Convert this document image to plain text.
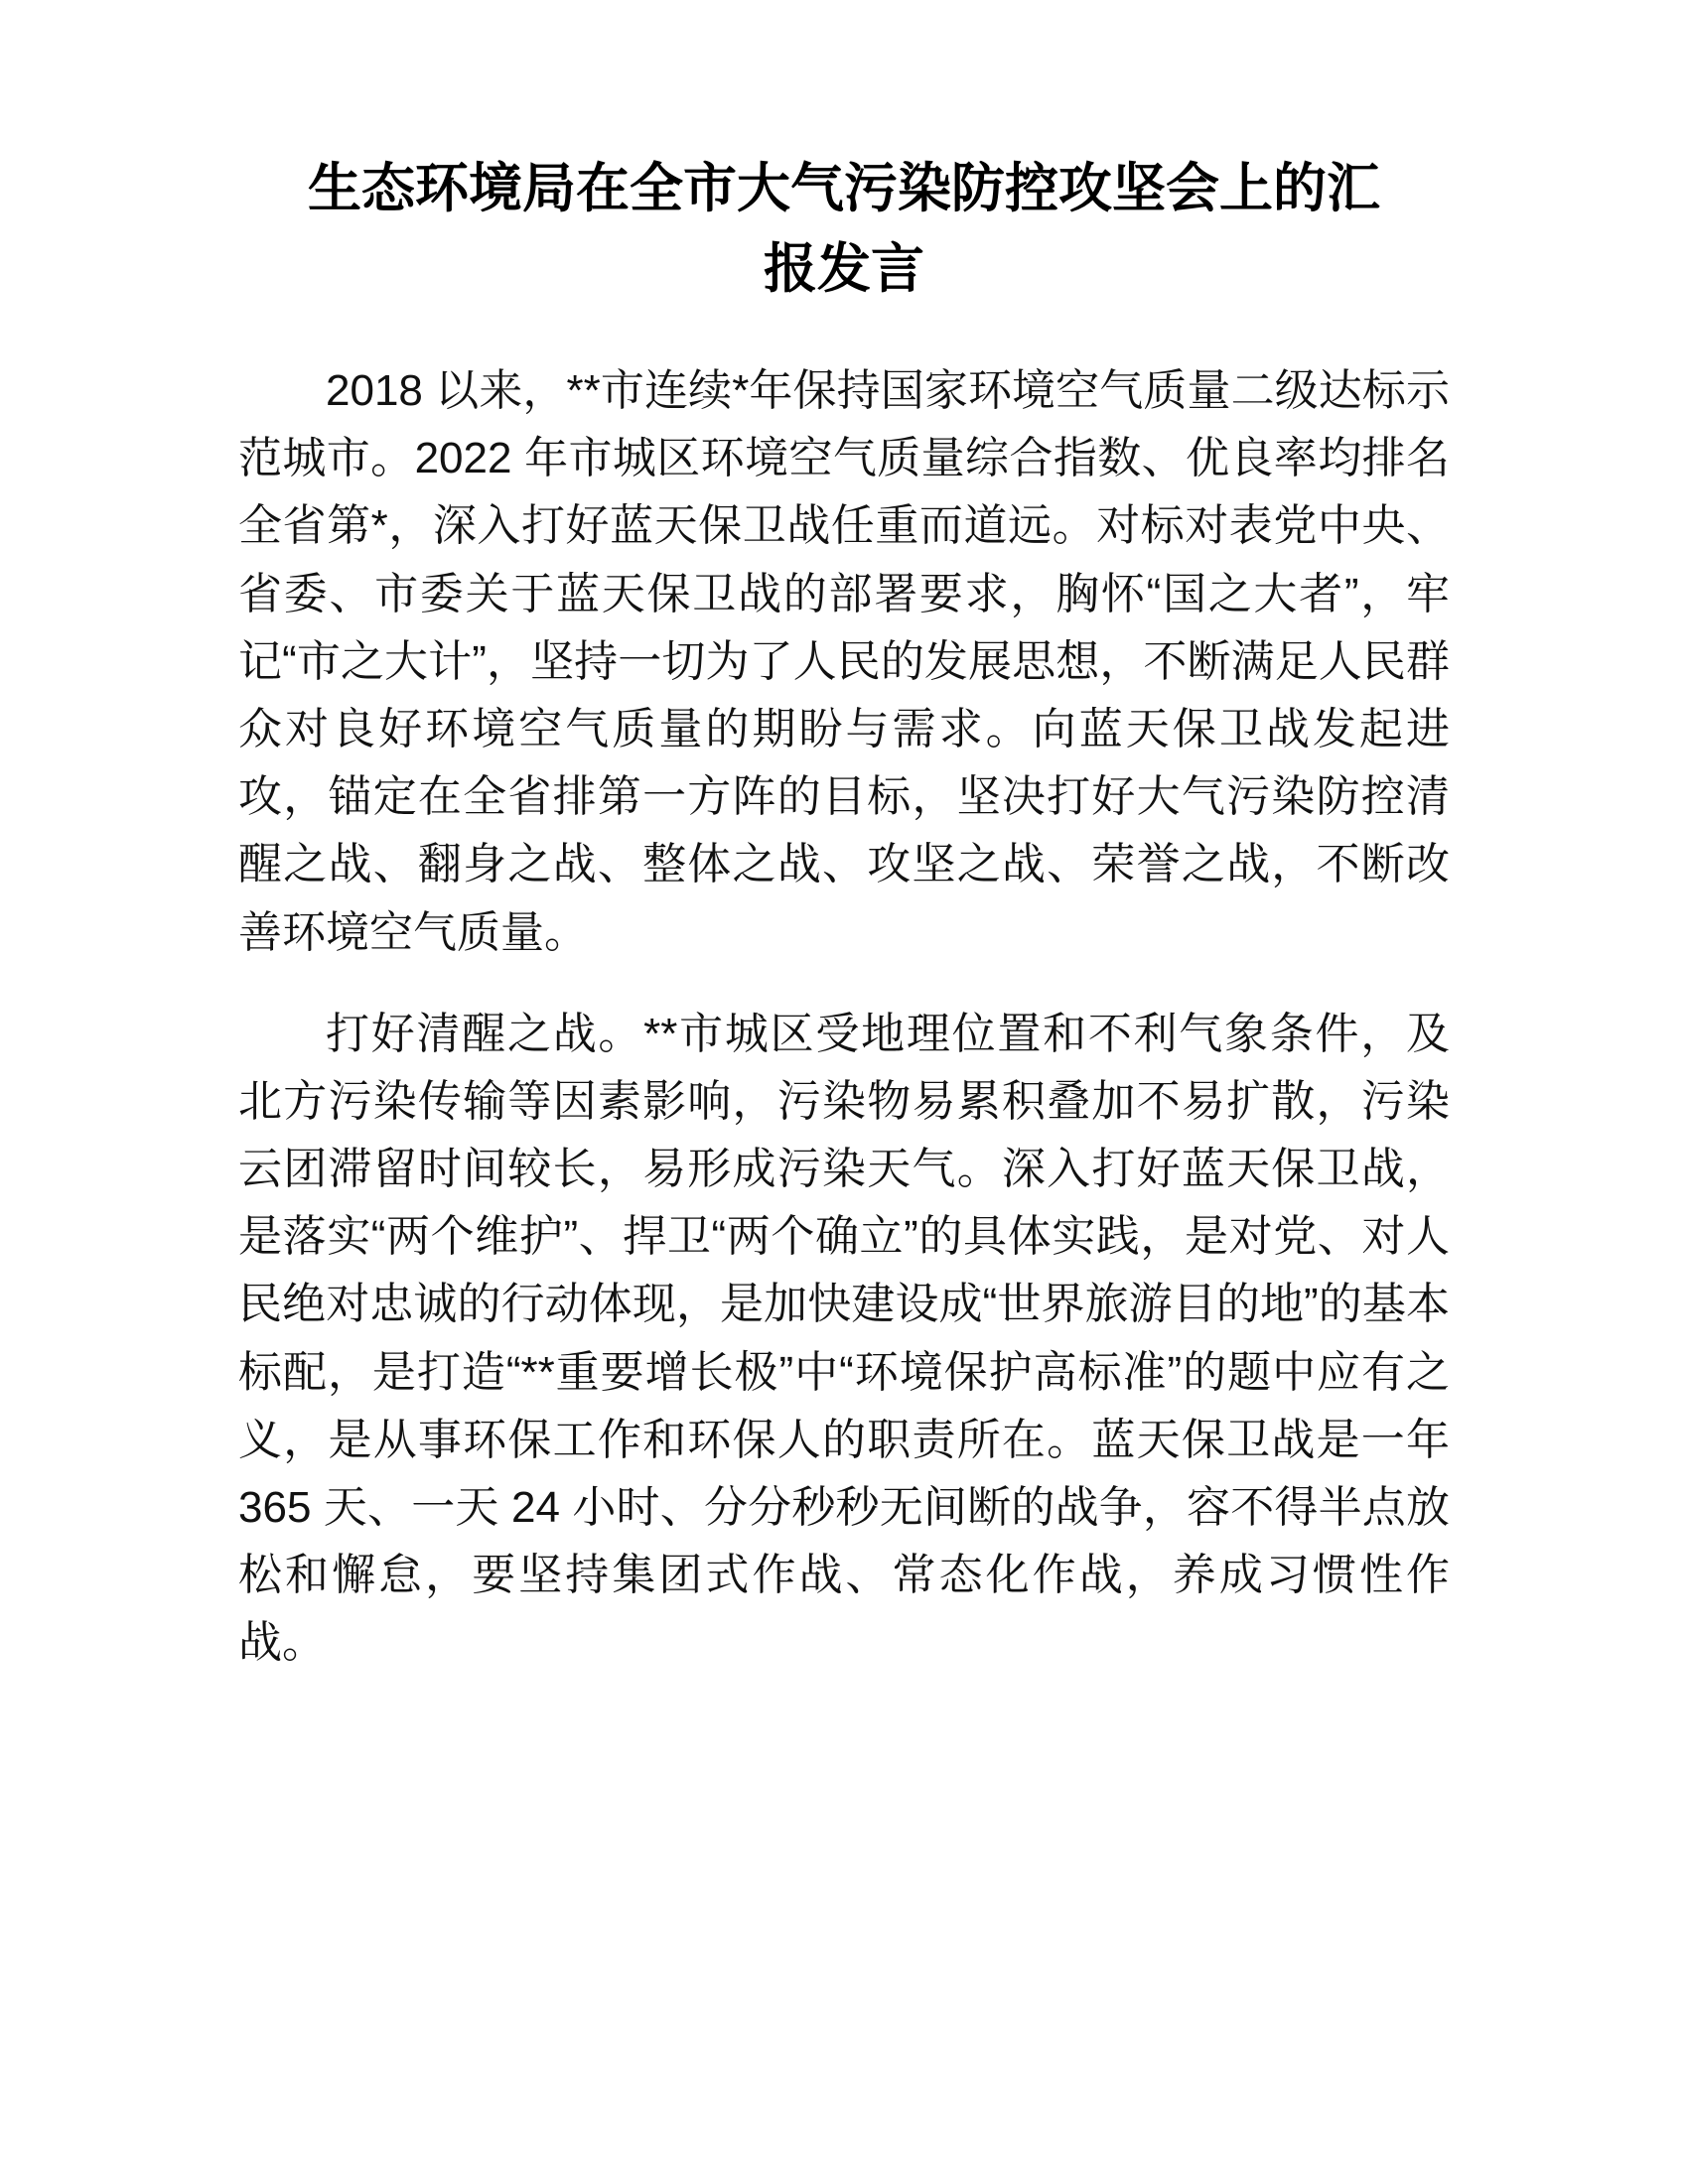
生态环境局在全市大气污染防控攻坚会上的汇报发言

2018 以来，**市连续*年保持国家环境空气质量二级达标示范城市。2022 年市城区环境空气质量综合指数、优良率均排名全省第*，深入打好蓝天保卫战任重而道远。对标对表党中央、省委、市委关于蓝天保卫战的部署要求，胸怀“国之大者”，牢记“市之大计”，坚持一切为了人民的发展思想，不断满足人民群众对良好环境空气质量的期盼与需求。向蓝天保卫战发起进攻，锚定在全省排第一方阵的目标，坚决打好大气污染防控清醒之战、翻身之战、整体之战、攻坚之战、荣誉之战，不断改善环境空气质量。

打好清醒之战。**市城区受地理位置和不利气象条件，及北方污染传输等因素影响，污染物易累积叠加不易扩散，污染云团滞留时间较长，易形成污染天气。深入打好蓝天保卫战，是落实“两个维护”、捍卫“两个确立”的具体实践，是对党、对人民绝对忠诚的行动体现，是加快建设成“世界旅游目的地”的基本标配，是打造“**重要增长极”中“环境保护高标准”的题中应有之义，是从事环保工作和环保人的职责所在。蓝天保卫战是一年 365 天、一天 24 小时、分分秒秒无间断的战争，容不得半点放松和懈怠，要坚持集团式作战、常态化作战，养成习惯性作战。
